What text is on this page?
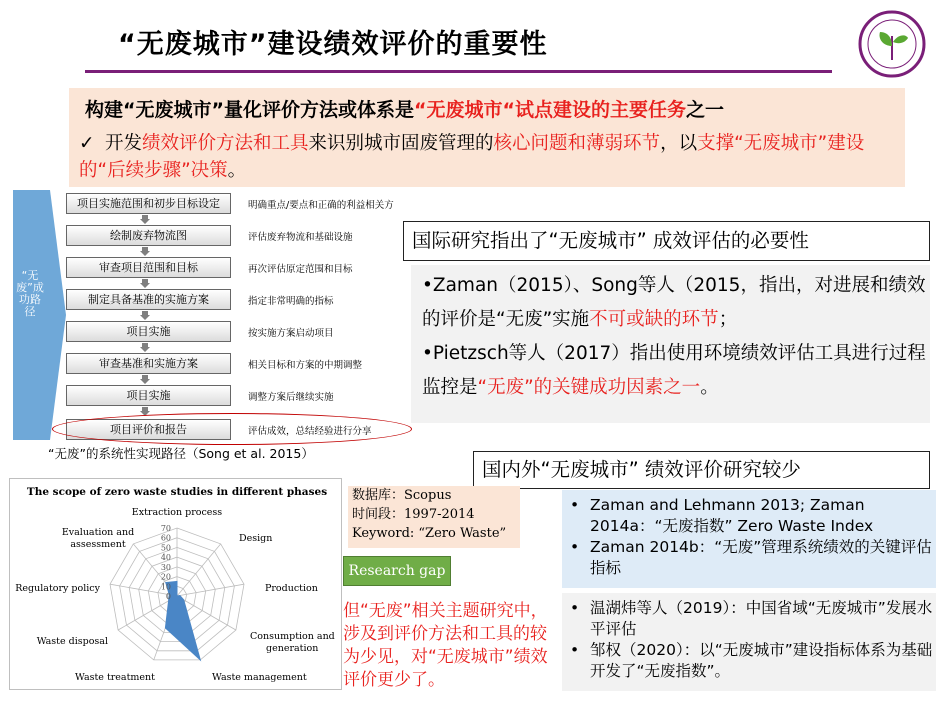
“无废城市”建设绩效评价的重要性
构建“无废城市”量化评价方法或体系是“无废城市“试点建设的主要任务之一
✓ 开发绩效评价方法和工具来识别城市固废管理的核心问题和薄弱环节，以支撑“无废城市”建设的“后续步骤”决策。
“无废”成功路径
项目实施范围和初步目标设定	明确重点/要点和正确的利益相关方
绘制废弃物流图	评估废弃物流和基础设施
审查项目范围和目标	再次评估原定范围和目标
制定具备基准的实施方案	指定非常明确的指标
项目实施	按实施方案启动项目
审查基准和实施方案	相关目标和方案的中期调整
项目实施	调整方案后继续实施
项目评价和报告	评估成效，总结经验进行分享
“无废”的系统性实现路径（Song et al. 2015）
国际研究指出了“无废城市” 成效评估的必要性
•Zaman（2015）、Song等人（2015，指出，对进展和绩效的评价是“无废”实施不可或缺的环节；
•Pietzsch等人（2017）指出使用环境绩效评估工具进行过程监控是“无废”的关键成功因素之一。
国内外“无废城市” 绩效评价研究较少
• Zaman and Lehmann 2013; Zaman 2014a：“无废指数” Zero Waste Index
• Zaman 2014b：“无废”管理系统绩效的关键评估指标
• 温湖炜等人（2019）：中国省域“无废城市”发展水平评估
• 邹权（2020）：以“无废城市”建设指标体系为基础开发了“无废指数”。
The scope of zero waste studies in different phases
70
60
50
40
30
20
10
0
Extraction process
Design
Production
Consumption and
generation
Waste management
Waste treatment
Waste disposal
Regulatory policy
Evaluation and
assessment
数据库：Scopus
时间段：1997-2014
Keyword: “Zero Waste”
Research gap
但“无废”相关主题研究中，涉及到评价方法和工具的较为少见，对“无废城市”绩效评价更少了。
